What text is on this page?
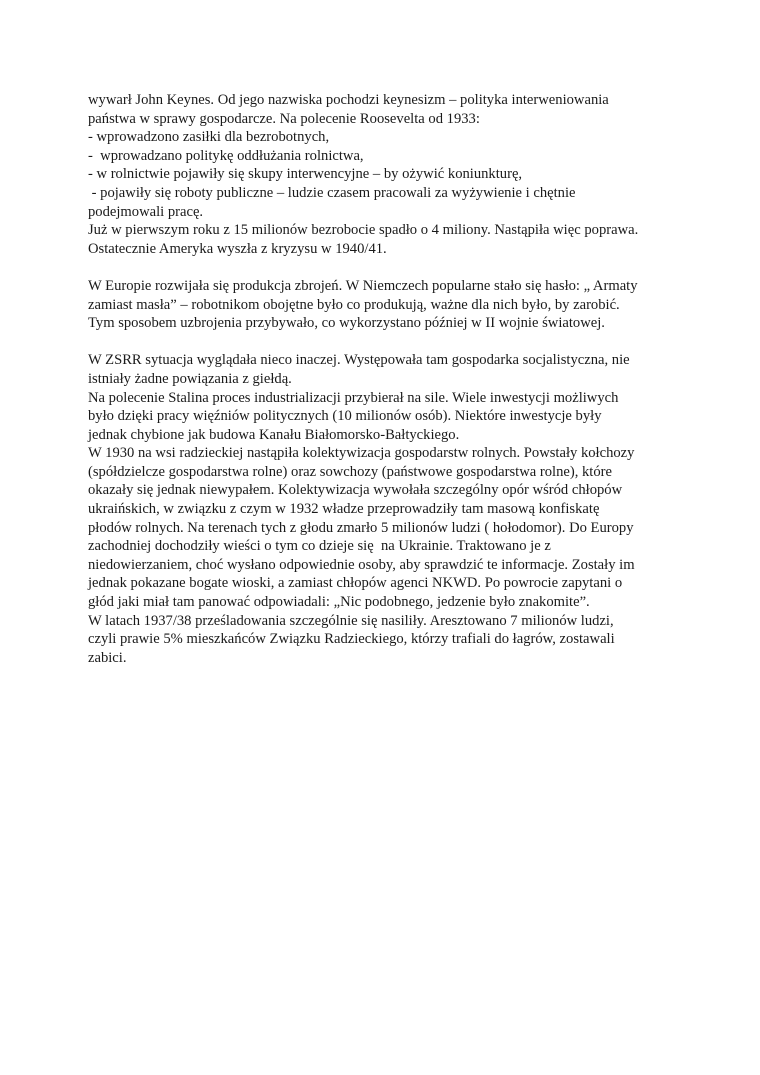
wywarł John Keynes. Od jego nazwiska pochodzi keynesizm – polityka interweniowania
państwa w sprawy gospodarcze. Na polecenie Roosevelta od 1933:
- wprowadzono zasiłki dla bezrobotnych,
-  wprowadzano politykę oddłużania rolnictwa,
- w rolnictwie pojawiły się skupy interwencyjne – by ożywić koniunkturę,
- pojawiły się roboty publiczne – ludzie czasem pracowali za wyżywienie i chętnie
podejmowali pracę.
Już w pierwszym roku z 15 milionów bezrobocie spadło o 4 miliony. Nastąpiła więc poprawa.
Ostatecznie Ameryka wyszła z kryzysu w 1940/41.
W Europie rozwijała się produkcja zbrojeń. W Niemczech popularne stało się hasło: „ Armaty
zamiast masła” – robotnikom obojętne było co produkują, ważne dla nich było, by zarobić.
Tym sposobem uzbrojenia przybywało, co wykorzystano później w II wojnie światowej.
W ZSRR sytuacja wyglądała nieco inaczej. Występowała tam gospodarka socjalistyczna, nie
istniały żadne powiązania z giełdą.
Na polecenie Stalina proces industrializacji przybierał na sile. Wiele inwestycji możliwych
było dzięki pracy więźniów politycznych (10 milionów osób). Niektóre inwestycje były
jednak chybione jak budowa Kanału Białomorsko-Bałtyckiego.
W 1930 na wsi radzieckiej nastąpiła kolektywizacja gospodarstw rolnych. Powstały kołchozy
(spółdzielcze gospodarstwa rolne) oraz sowchozy (państwowe gospodarstwa rolne), które
okazały się jednak niewypałem. Kolektywizacja wywołała szczególny opór wśród chłopów
ukraińskich, w związku z czym w 1932 władze przeprowadziły tam masową konfiskatę
płodów rolnych. Na terenach tych z głodu zmarło 5 milionów ludzi ( hołodomor). Do Europy
zachodniej dochodziły wieści o tym co dzieje się  na Ukrainie. Traktowano je z
niedowierzaniem, choć wysłano odpowiednie osoby, aby sprawdzić te informacje. Zostały im
jednak pokazane bogate wioski, a zamiast chłopów agenci NKWD. Po powrocie zapytani o
głód jaki miał tam panować odpowiadali: „Nic podobnego, jedzenie było znakomite”.
W latach 1937/38 prześladowania szczególnie się nasiliły. Aresztowano 7 milionów ludzi,
czyli prawie 5% mieszkańców Związku Radzieckiego, którzy trafiali do łagrów, zostawali
zabici.
